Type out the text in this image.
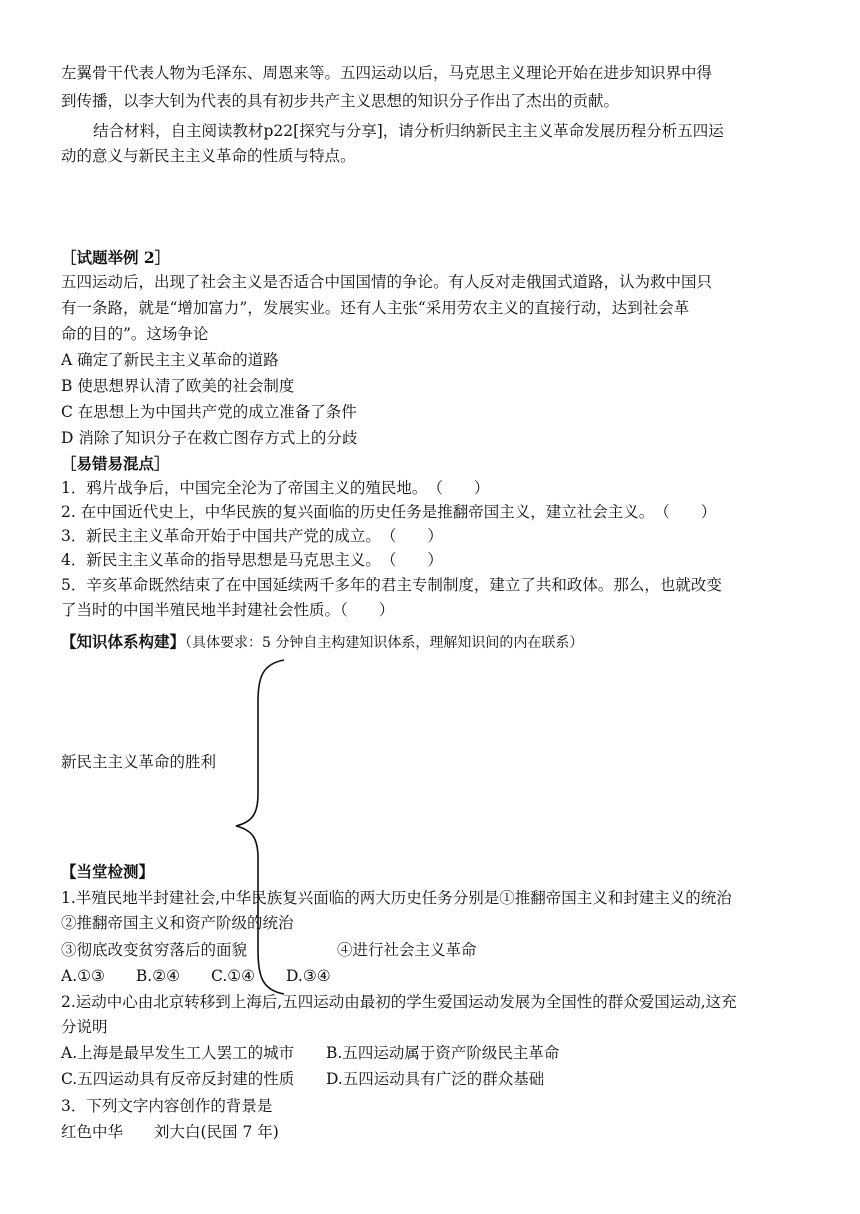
左翼骨干代表人物为毛泽东、周恩来等。五四运动以后，马克思主义理论开始在进步知识界中得
到传播，以李大钊为代表的具有初步共产主义思想的知识分子作出了杰出的贡献。
结合材料，自主阅读教材p22[探究与分享]，请分析归纳新民主主义革命发展历程分析五四运
动的意义与新民主主义革命的性质与特点。
［试题举例 2］
五四运动后，出现了社会主义是否适合中国国情的争论。有人反对走俄国式道路，认为救中国只
有一条路，就是“增加富力”，发展实业。还有人主张“采用劳农主义的直接行动，达到社会革
命的目的”。这场争论
A 确定了新民主主义革命的道路
B 使思想界认清了欧美的社会制度
C 在思想上为中国共产党的成立准备了条件
D 消除了知识分子在救亡图存方式上的分歧
［易错易混点］
1．鸦片战争后，中国完全沦为了帝国主义的殖民地。　（　　）
2. 在中国近代史上，中华民族的复兴面临的历史任务是推翻帝国主义，建立社会主义。　（　　）
3．新民主主义革命开始于中国共产党的成立。　（　　）
4．新民主主义革命的指导思想是马克思主义。　（　　）
5．辛亥革命既然结束了在中国延续两千多年的君主专制制度，建立了共和政体。那么，也就改变
了当时的中国半殖民地半封建社会性质。（　　）
【知识体系构建】（具体要求：5 分钟自主构建知识体系，理解知识间的内在联系）
新民主主义革命的胜利
【当堂检测】
1.半殖民地半封建社会,中华民族复兴面临的两大历史任务分别是①推翻帝国主义和封建主义的统治
②推翻帝国主义和资产阶级的统治
③彻底改变贫穷落后的面貌	④进行社会主义革命
A.①③　　B.②④　　C.①④　　D.③④
2.运动中心由北京转移到上海后,五四运动由最初的学生爱国运动发展为全国性的群众爱国运动,这充
分说明
A.上海是最早发生工人罢工的城市 B.五四运动属于资产阶级民主革命
C.五四运动具有反帝反封建的性质 D.五四运动具有广泛的群众基础
3．下列文字内容创作的背景是
红色中华　　刘大白(民国 7 年)
